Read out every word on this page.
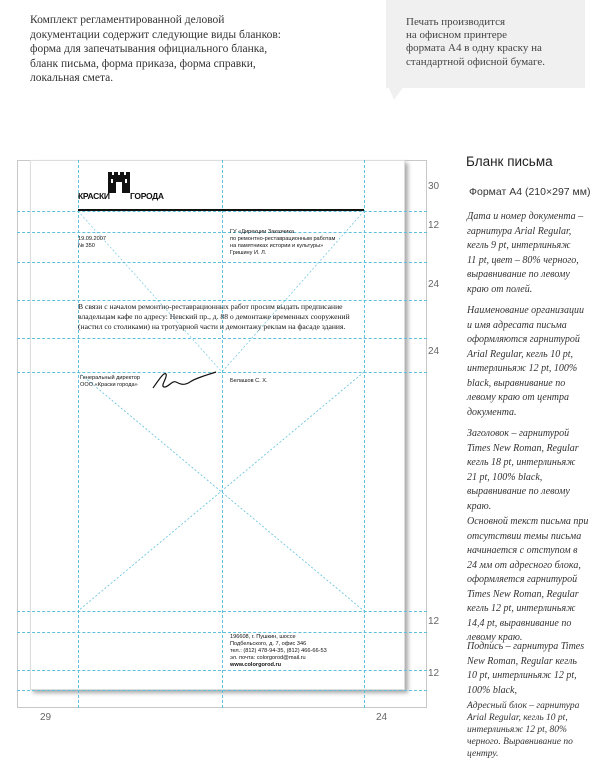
Комплект регламентированной деловой
документации содержит следующие виды бланков:
форма для запечатывания официального бланка,
бланк письма, форма приказа, форма справки,
локальная смета.
Печать производится
на офисном принтере
формата А4 в одну краску на
стандартной офисной бумаге.
30
12
24
24
12
12
29	24
КРАСКИ ГОРОДА
19.09.2007
№ 350
ГУ «Дирекции Заказчика
по ремонтно-реставрационным работам
на памятниках истории и культуры»
Гришину И. Л.
В связи с началом ремонтно-реставрационных работ просим выдать предписание
владельцам кафе по адресу: Невский пр., д. 88 о демонтаже временных сооружений
(настил со столиками) на тротуарной части и демонтажу реклам на фасаде здания.
Генеральный директор
ООО «Краски города»
Белашов С. Х.
196608, г. Пушкин, шоссе
Подбельского, д. 7, офис 346
тел.: (812) 478-94-35, (812) 466-66-53
эл. почта: colorgorod@mail.ru
www.colorgorod.ru
Бланк письма
Формат А4 (210×297 мм)
Дата и номер документа –
гарнитура Arial Regular,
кегль 9 pt, интерлиньяж
11 pt, цвет – 80% черного,
выравнивание по левому
краю от полей.
Наименование организации
и имя адресата письма
оформляются гарнитурой
Arial Regular, кегль 10 pt,
интерлиньяж 12 pt, 100%
black, выравнивание по
левому краю от центра
документа.
Заголовок – гарнитурой
Times New Roman, Regular
кегль 18 pt, интерлиньяж
21 pt, 100% black,
выравнивание по левому
краю.
Основной текст письма при
отсутствии темы письма
начинается с отступом в
24 мм от адресного блока,
оформляется гарнитурой
Times New Roman, Regular
кегль 12 pt, интерлиньяж
14,4 pt, выравнивание по
левому краю.
Подпись – гарнитура Times
New Roman, Regular кегль
10 pt, интерлиньяж 12 pt,
100% black,
Адресный блок – гарнитура
Arial Regular, кегль 10 pt,
интерлиньяж 12 pt, 80%
черного. Выравнивание по
центру.
